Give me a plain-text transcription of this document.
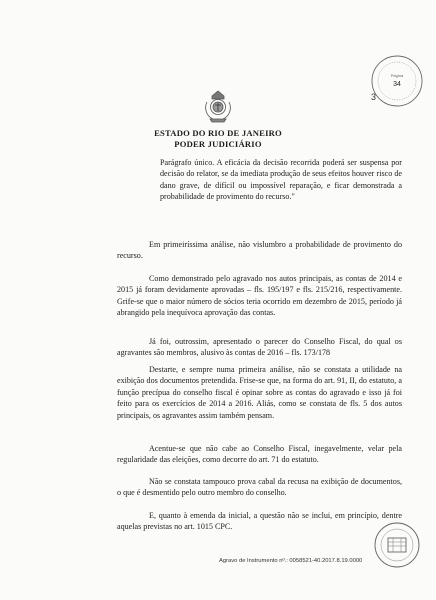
ESTADO DO RIO DE JANEIRO
PODER JUDICIÁRIO
3
Página
34

Parágrafo único. A eficácia da decisão recorrida poderá ser suspensa por decisão do relator, se da imediata produção de seus efeitos houver risco de dano grave, de difícil ou impossível reparação, e ficar demonstrada a probabilidade de provimento do recurso."

Em primeiríssima análise, não vislumbro a probabilidade de provimento do recurso.

Como demonstrado pelo agravado nos autos principais, as contas de 2014 e 2015 já foram devidamente aprovadas – fls. 195/197 e fls. 215/216, respectivamente. Grife-se que o maior número de sócios teria ocorrido em dezembro de 2015, período já abrangido pela inequívoca aprovação das contas.

Já foi, outrossim, apresentado o parecer do Conselho Fiscal, do qual os agravantes são membros, alusivo às contas de 2016 – fls. 173/178

Destarte, e sempre numa primeira análise, não se constata a utilidade na exibição dos documentos pretendida. Frise-se que, na forma do art. 91, II, do estatuto, a função precípua do conselho fiscal é opinar sobre as contas do agravado e isso já foi feito para os exercícios de 2014 a 2016. Aliás, como se constata de fls. 5 dos autos principais, os agravantes assim também pensam.

Acentue-se que não cabe ao Conselho Fiscal, inegavelmente, velar pela regularidade das eleições, como decorre do art. 71 do estatuto.

Não se constata tampouco prova cabal da recusa na exibição de documentos, o que é desmentido pelo outro membro do conselho.

E, quanto à emenda da inicial, a questão não se inclui, em princípio, dentre aquelas previstas no art. 1015 CPC.

Agravo de Instrumento nº.: 0058521-40.2017.8.19.0000
